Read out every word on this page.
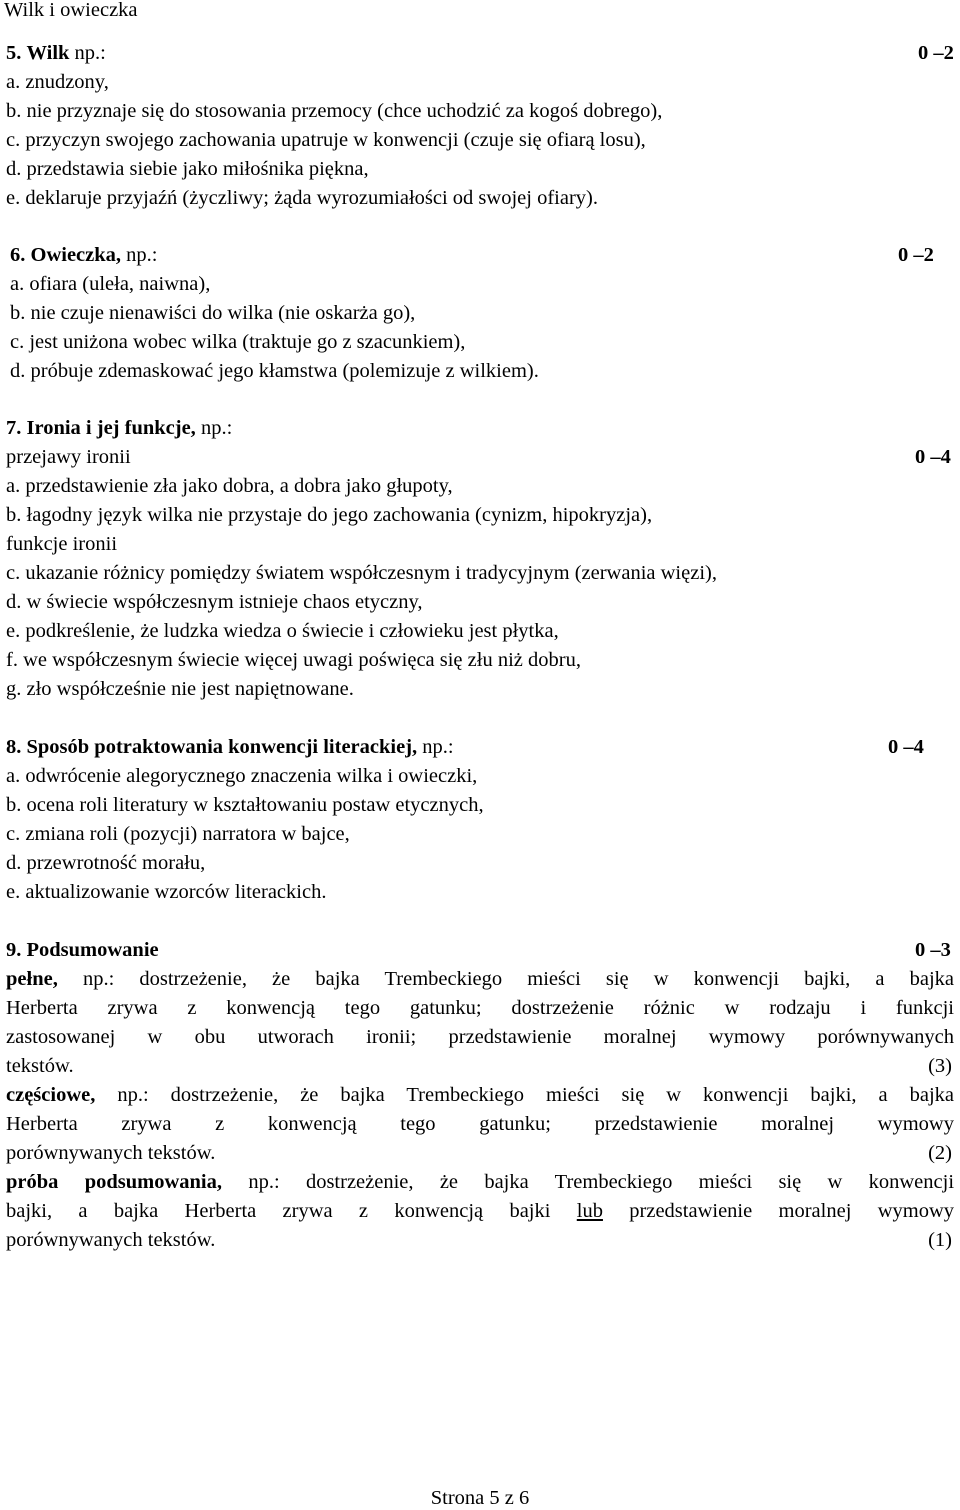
Wilk i owieczka
5. Wilk np.:	0 –2
a. znudzony,
b. nie przyznaje się do stosowania przemocy (chce uchodzić za kogoś dobrego),
c. przyczyn swojego zachowania upatruje w konwencji (czuje się ofiarą losu),
d. przedstawia siebie jako miłośnika piękna,
e. deklaruje przyjaźń (życzliwy; żąda wyrozumiałości od swojej ofiary).
6. Owieczka, np.:	0 –2
a. ofiara (uleła, naiwna),
b. nie czuje nienawiści do wilka (nie oskarża go),
c. jest uniżona wobec wilka (traktuje go z szacunkiem),
d. próbuje zdemaskować jego kłamstwa (polemizuje z wilkiem).
7. Ironia i jej funkcje, np.:
przejawy ironii	0 –4
a. przedstawienie zła jako dobra, a dobra jako głupoty,
b. łagodny język wilka nie przystaje do jego zachowania (cynizm, hipokryzja),
funkcje ironii
c. ukazanie różnicy pomiędzy światem współczesnym i tradycyjnym (zerwania więzi),
d. w świecie współczesnym istnieje chaos etyczny,
e. podkreślenie, że ludzka wiedza o świecie i człowieku jest płytka,
f. we współczesnym świecie więcej uwagi poświęca się złu niż dobru,
g. zło współcześnie nie jest napiętnowane.
8. Sposób potraktowania konwencji literackiej, np.:	0 –4
a. odwrócenie alegorycznego znaczenia wilka i owieczki,
b. ocena roli literatury w kształtowaniu postaw etycznych,
c. zmiana roli (pozycji) narratora w bajce,
d. przewrotność morału,
e. aktualizowanie wzorców literackich.
9. Podsumowanie	0 –3
pełne, np.: dostrzeżenie, że bajka Trembeckiego mieści się w konwencji bajki, a bajka
Herberta zrywa z konwencją tego gatunku; dostrzeżenie różnic w rodzaju i funkcji
zastosowanej w obu utworach ironii; przedstawienie moralnej wymowy porównywanych
tekstów.	(3)
częściowe, np.: dostrzeżenie, że bajka Trembeckiego mieści się w konwencji bajki, a bajka
Herberta zrywa z konwencją tego gatunku; przedstawienie moralnej wymowy
porównywanych tekstów.	(2)
próba podsumowania, np.: dostrzeżenie, że bajka Trembeckiego mieści się w konwencji
bajki, a bajka Herberta zrywa z konwencją bajki lub przedstawienie moralnej wymowy
porównywanych tekstów.	(1)
Strona 5 z 6
